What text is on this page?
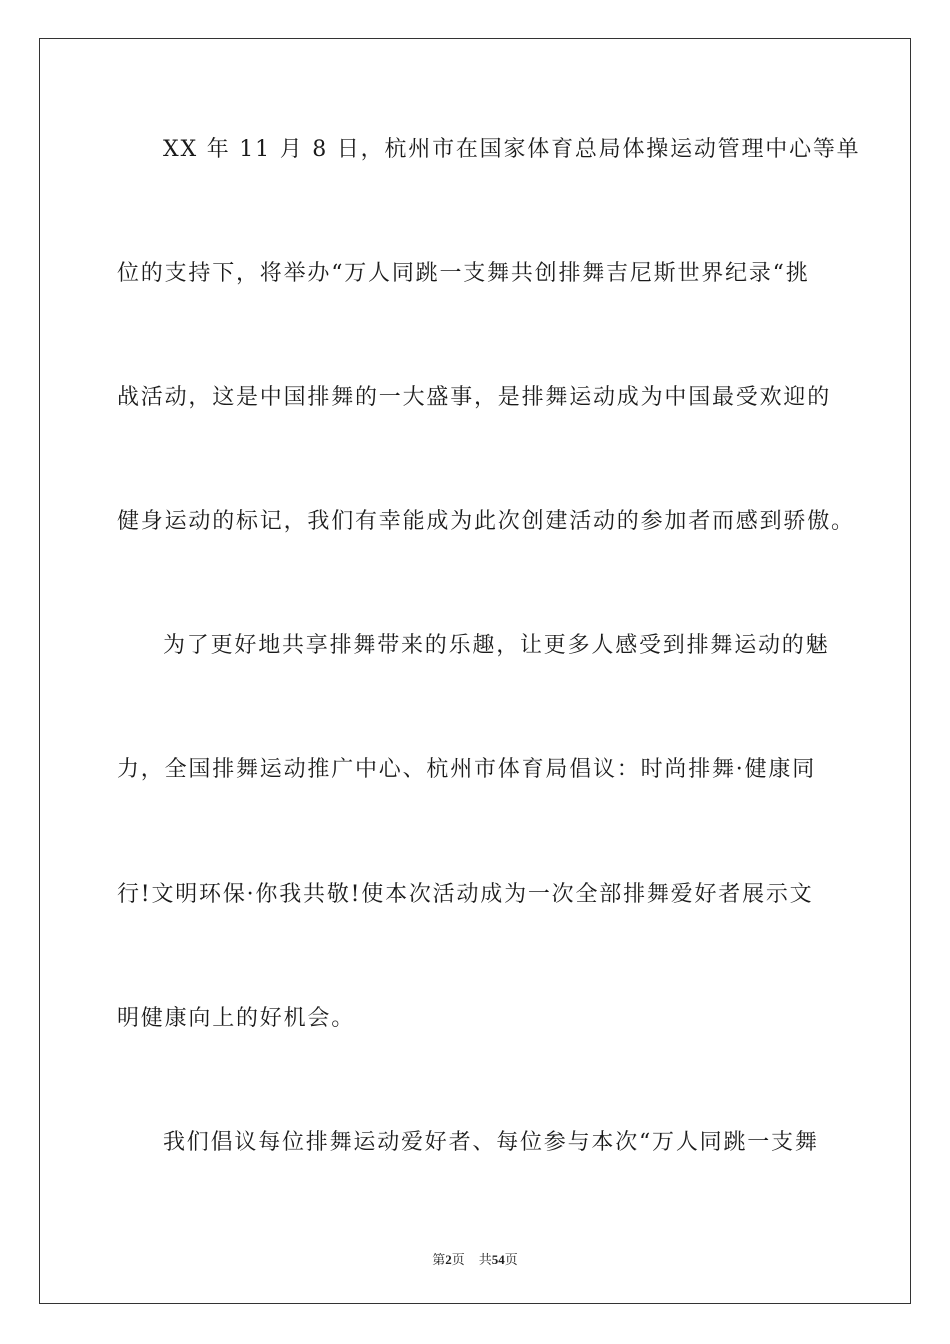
XX 年 11 月 8 日，杭州市在国家体育总局体操运动管理中心等单
位的支持下，将举办“万人同跳一支舞共创排舞吉尼斯世界纪录“挑
战活动，这是中国排舞的一大盛事，是排舞运动成为中国最受欢迎的
健身运动的标记，我们有幸能成为此次创建活动的参加者而感到骄傲。
为了更好地共享排舞带来的乐趣，让更多人感受到排舞运动的魅
力，全国排舞运动推广中心、杭州市体育局倡议：时尚排舞·健康同
行!文明环保·你我共敬!使本次活动成为一次全部排舞爱好者展示文
明健康向上的好机会。
我们倡议每位排舞运动爱好者、每位参与本次“万人同跳一支舞
第2页 共54页
